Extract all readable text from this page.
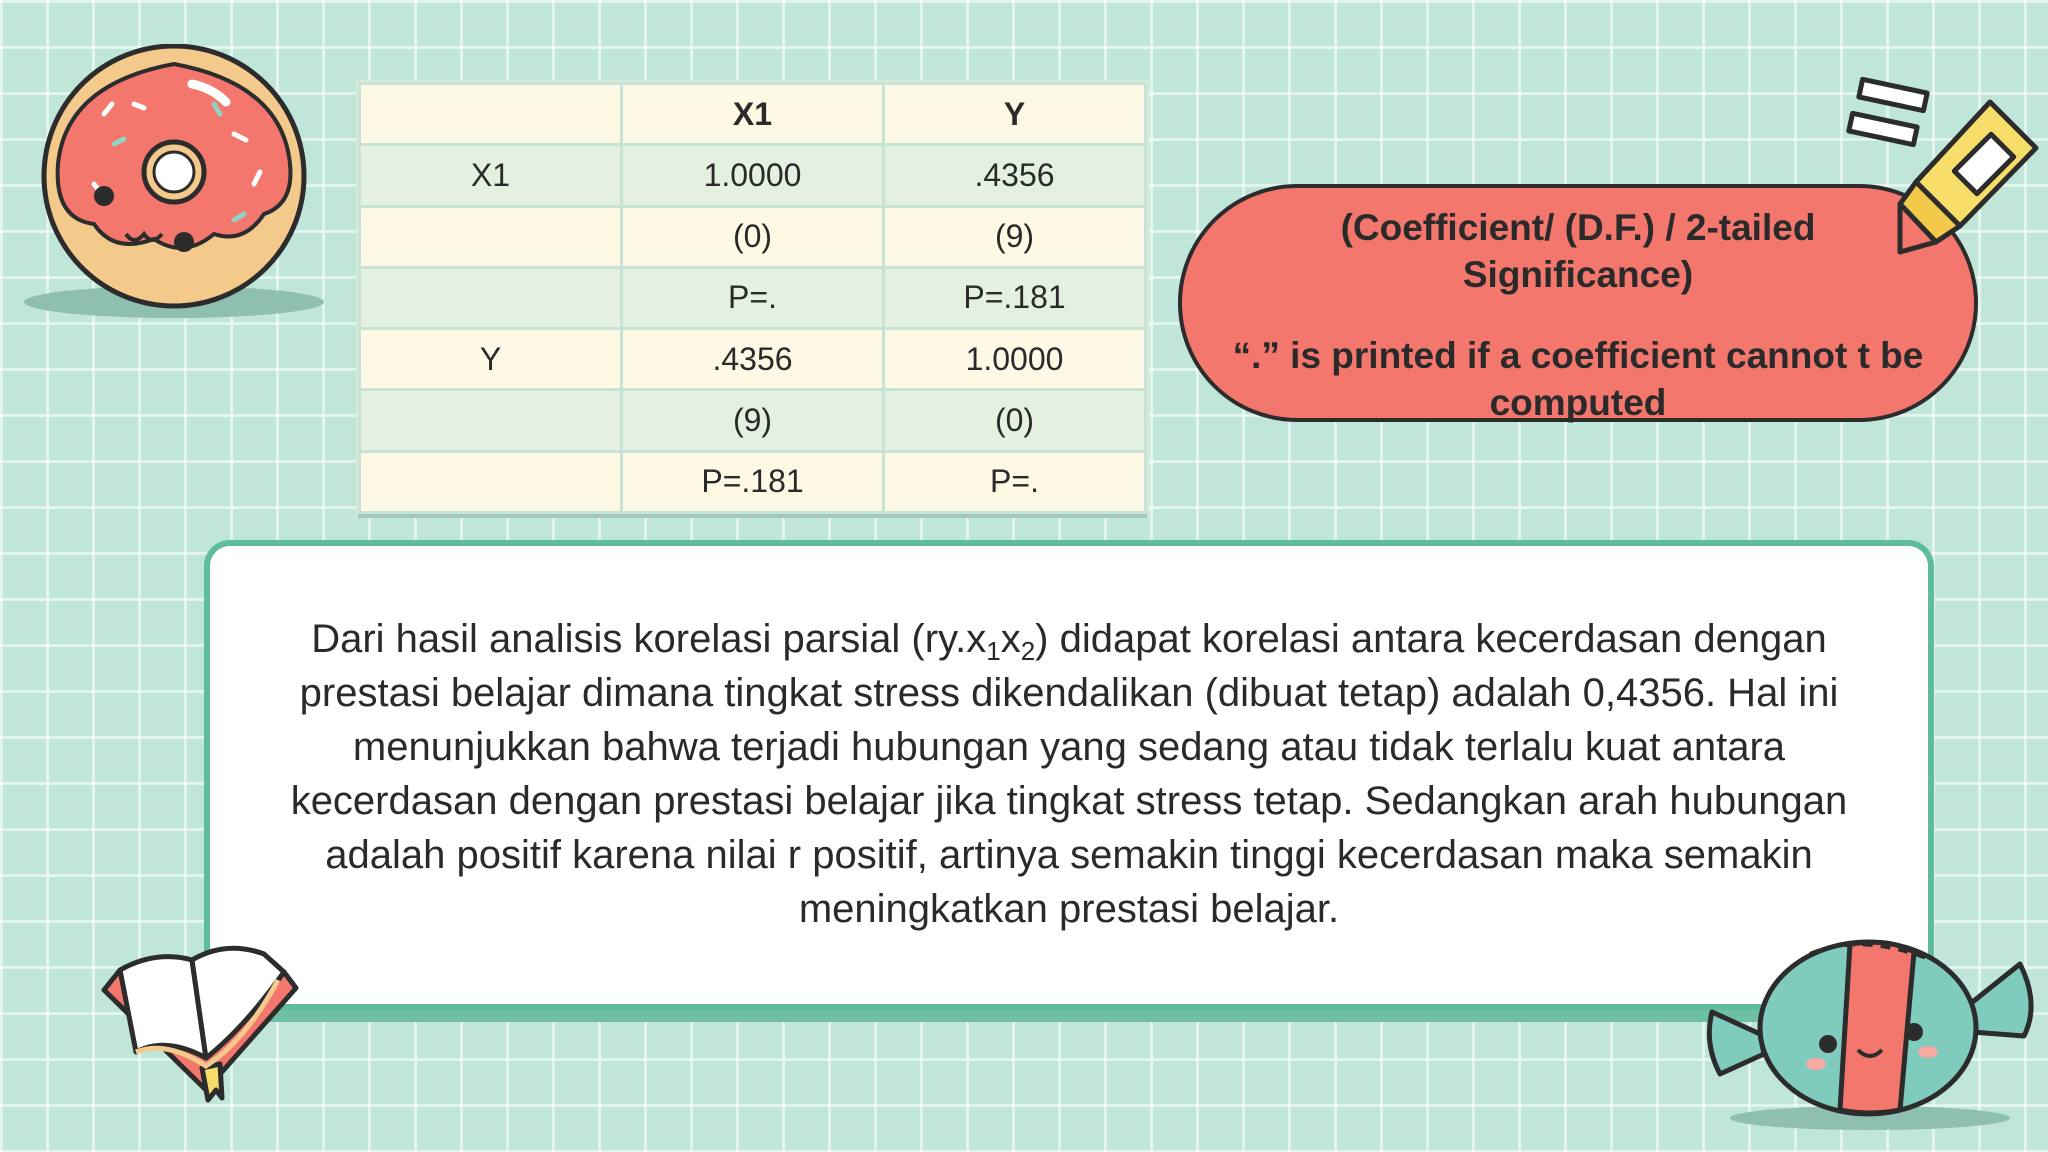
	X1	Y
X1	1.0000	.4356
	(0)	(9)
	P=.	P=.181
Y	.4356	1.0000
	(9)	(0)
	P=.181	P=.

(Coefficient/ (D.F.) / 2-tailed Significance)

“.” is printed if a coefficient cannot t be computed

Dari hasil analisis korelasi parsial $(ry.x_1x_2)$ didapat korelasi antara kecerdasan dengan prestasi belajar dimana tingkat stress dikendalikan (dibuat tetap) adalah 0,4356. Hal ini menunjukkan bahwa terjadi hubungan yang sedang atau tidak terlalu kuat antara kecerdasan dengan prestasi belajar jika tingkat stress tetap. Sedangkan arah hubungan adalah positif karena nilai r positif, artinya semakin tinggi kecerdasan maka semakin meningkatkan prestasi belajar.
